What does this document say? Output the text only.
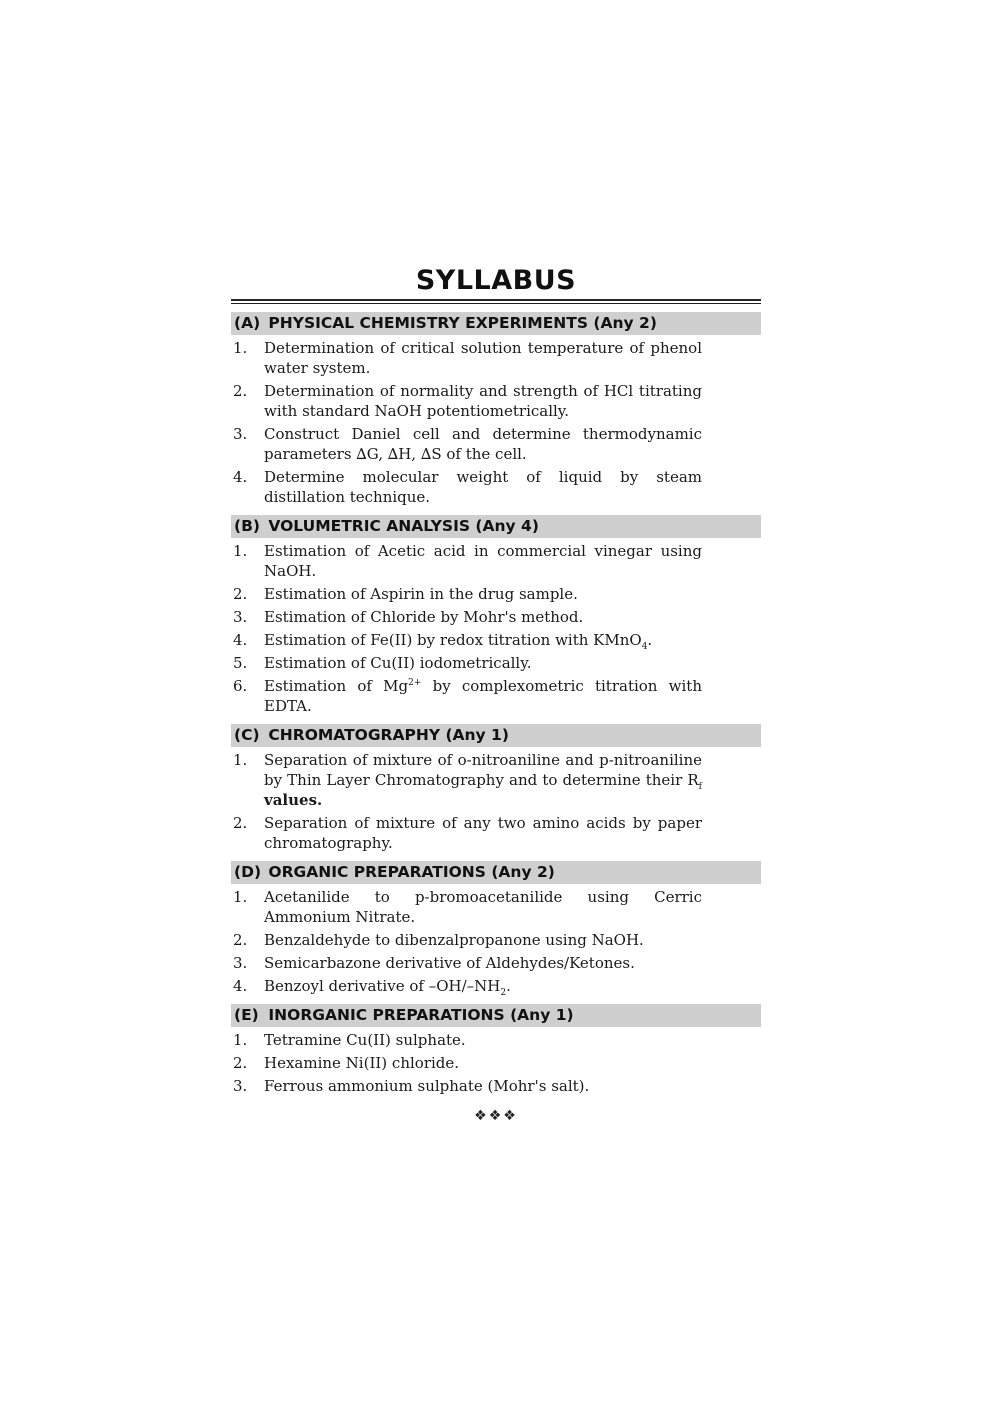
SYLLABUS
(A) PHYSICAL CHEMISTRY EXPERIMENTS (Any 2)
1.	Determination of critical solution temperature of phenol water system.
2.	Determination of normality and strength of HCl titrating with standard NaOH potentiometrically.
3.	Construct Daniel cell and determine thermodynamic parameters ∆G, ∆H, ∆S of the cell.
4.	Determine molecular weight of liquid by steam distillation technique.
(B) VOLUMETRIC ANALYSIS (Any 4)
1.	Estimation of Acetic acid in commercial vinegar using NaOH.
2.	Estimation of Aspirin in the drug sample.
3.	Estimation of Chloride by Mohr's method.
4.	Estimation of Fe(II) by redox titration with KMnO$_4$.
5.	Estimation of Cu(II) iodometrically.
6.	Estimation of $Mg^{2+}$ by complexometric titration with EDTA.
(C) CHROMATOGRAPHY (Any 1)
1.	Separation of mixture of o-nitroaniline and p-nitroaniline by Thin Layer Chromatography and to determine their $R_f$ values.
2.	Separation of mixture of any two amino acids by paper chromatography.
(D) ORGANIC PREPARATIONS (Any 2)
1.	Acetanilide to p-bromoacetanilide using Cerric Ammonium Nitrate.
2.	Benzaldehyde to dibenzalpropanone using NaOH.
3.	Semicarbazone derivative of Aldehydes/Ketones.
4.	Benzoyl derivative of $-OH/-NH_2$.
(E) INORGANIC PREPARATIONS (Any 1)
1.	Tetramine Cu(II) sulphate.
2.	Hexamine Ni(II) chloride.
3.	Ferrous ammonium sulphate (Mohr's salt).
❖❖❖
